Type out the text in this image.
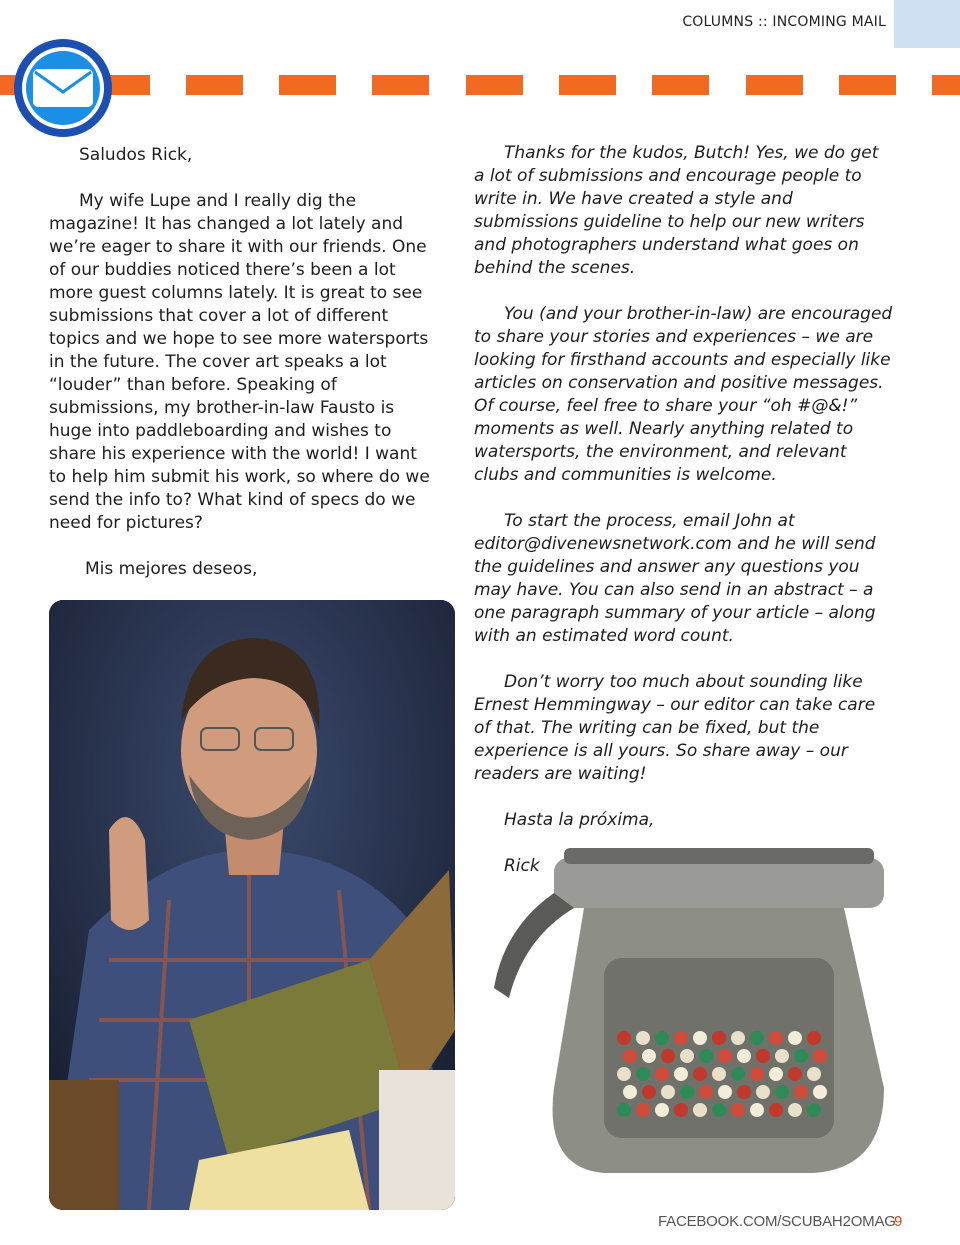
COLUMNS :: INCOMING MAIL

Saludos Rick,

My wife Lupe and I really dig the magazine! It has changed a lot lately and we’re eager to share it with our friends. One of our buddies noticed there’s been a lot more guest columns lately. It is great to see submissions that cover a lot of different topics and we hope to see more watersports in the future. The cover art speaks a lot “louder” than before. Speaking of submissions, my brother-in-law Fausto is huge into paddleboarding and wishes to share his experience with the world! I want to help him submit his work, so where do we send the info to? What kind of specs do we need for pictures?

Mis mejores deseos,

Thanks for the kudos, Butch! Yes, we do get a lot of submissions and encourage people to write in. We have created a style and submissions guideline to help our new writers and photographers understand what goes on behind the scenes.

You (and your brother-in-law) are encouraged to share your stories and experiences – we are looking for firsthand accounts and especially like articles on conservation and positive messages. Of course, feel free to share your “oh #@&!” moments as well. Nearly anything related to watersports, the environment, and relevant clubs and communities is welcome.

To start the process, email John at editor@divenewsnetwork.com and he will send the guidelines and answer any questions you may have. You can also send in an abstract – a one paragraph summary of your article – along with an estimated word count.

Don’t worry too much about sounding like Ernest Hemmingway – our editor can take care of that. The writing can be fixed, but the experience is all yours. So share away – our readers are waiting!

Hasta la próxima,

Rick

FACEBOOK.COM/SCUBAH2OMAG
9
